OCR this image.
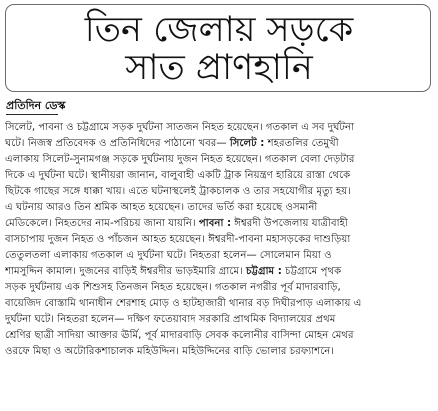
তিন জেলায় সড়কে
সাত প্রাণহানি
প্রতিদিন ডেস্ক
সিলেট, পাবনা ও চট্টগ্রামে সড়ক দুর্ঘটনা সাতজন নিহত হয়েছেন। গতকাল এ সব দুর্ঘটনা
ঘটে। নিজস্ব প্রতিবেদক ও প্রতিনিধিদের পাঠানো খবর— সিলেট : শহরতলির তেমুখী
এলাকায় সিলেট-সুনামগঞ্জ সড়কে দুর্ঘটনায় দুজন নিহত হয়েছেন। গতকাল বেলা দেড়টার
দিকে এ দুর্ঘটনা ঘটে। স্থানীয়রা জানান, বালুবাহী একটি ট্রাক নিয়ন্ত্রণ হারিয়ে রাস্তা থেকে
ছিটকে গাছের সঙ্গে ধাক্কা খায়। এতে ঘটনাস্থলেই ট্রাকচালক ও তার সহযোগীর মৃত্যু হয়।
এ ঘটনায় আরও তিন শ্রমিক আহত হয়েছেন। তাদের ভর্তি করা হয়েছে ওসমানী
মেডিকেলে। নিহতদের নাম-পরিচয় জানা যায়নি। পাবনা : ঈশ্বরদী উপজেলায় যাত্রীবাহী
বাসচাপায় দুজন নিহত ও পাঁচজন আহত হয়েছেন। ঈশ্বরদী-পাবনা মহাসড়কের দাশুড়িয়া
তেতুলতলা এলাকায় গতকাল এ দুর্ঘটনা ঘটে। নিহতরা হলেন— সোলেমান মিয়া ও
শামসুদ্দিন কামাল। দুজনের বাড়িই ঈশ্বরদীর ভাড়ইমারি গ্রামে। চট্টগ্রাম : চট্টগ্রামে পৃথক
সড়ক দুর্ঘটনায় এক শিশুসহ তিনজন নিহত হয়েছেন। গতকাল নগরীর পূর্ব মাদারবাড়ি,
বায়েজিদ বোস্তামি থানাধীন শেরশাহ মোড় ও হাটহাজারী থানার বড় দিঘীরপাড় এলাকায় এ
দুর্ঘটনা ঘটে। নিহতরা হলেন— দক্ষিণ ফতেয়াবাদ সরকারি প্রাথমিক বিদ্যালয়ের প্রথম
শ্রেণির ছাত্রী সাদিয়া আক্তার ঊর্মি, পূর্ব মাদারবাড়ি সেবক কলোনীর বাসিন্দা মোহন মেথর
ওরফে মিছা ও অটোরিকশাচালক মহিউদ্দিন। মহিউদ্দিনের বাড়ি ভোলার চরফ্যাশনে।
